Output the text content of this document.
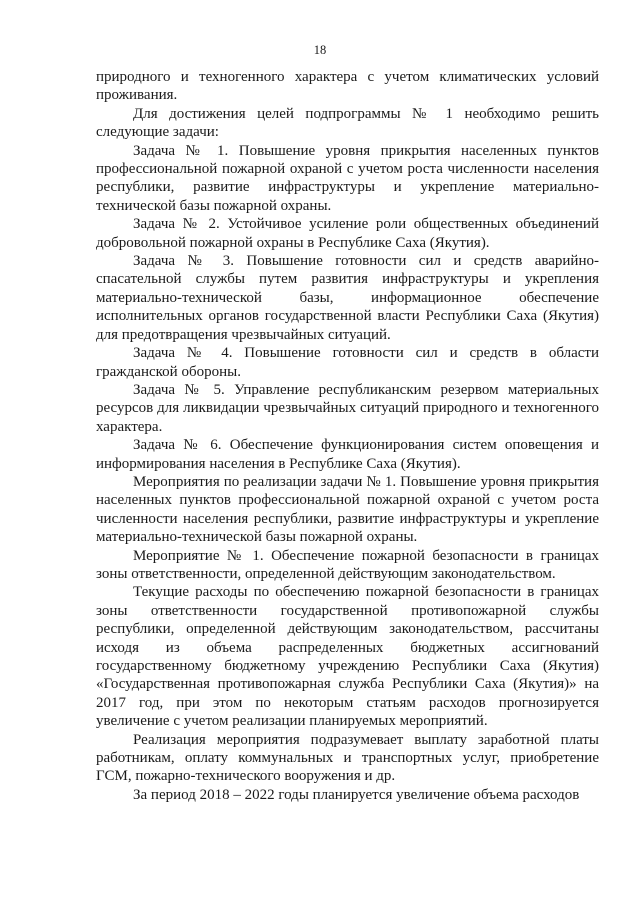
18

природного и техногенного характера с учетом климатических условий проживания.

Для достижения целей подпрограммы № 1 необходимо решить следующие задачи:

Задача № 1. Повышение уровня прикрытия населенных пунктов профессиональной пожарной охраной с учетом роста численности населения республики, развитие инфраструктуры и укрепление материально-технической базы пожарной охраны.

Задача № 2. Устойчивое усиление роли общественных объединений добровольной пожарной охраны в Республике Саха (Якутия).

Задача № 3. Повышение готовности сил и средств аварийно-спасательной службы путем развития инфраструктуры и укрепления материально-технической базы, информационное обеспечение исполнительных органов государственной власти Республики Саха (Якутия) для предотвращения чрезвычайных ситуаций.

Задача № 4. Повышение готовности сил и средств в области гражданской обороны.

Задача № 5. Управление республиканским резервом материальных ресурсов для ликвидации чрезвычайных ситуаций природного и техногенного характера.

Задача № 6. Обеспечение функционирования систем оповещения и информирования населения в Республике Саха (Якутия).

Мероприятия по реализации задачи № 1. Повышение уровня прикрытия населенных пунктов профессиональной пожарной охраной с учетом роста численности населения республики, развитие инфраструктуры и укрепление материально-технической базы пожарной охраны.

Мероприятие № 1. Обеспечение пожарной безопасности в границах зоны ответственности, определенной действующим законодательством.

Текущие расходы по обеспечению пожарной безопасности в границах зоны ответственности государственной противопожарной службы республики, определенной действующим законодательством, рассчитаны исходя из объема распределенных бюджетных ассигнований государственному бюджетному учреждению Республики Саха (Якутия) «Государственная противопожарная служба Республики Саха (Якутия)» на 2017 год, при этом по некоторым статьям расходов прогнозируется увеличение с учетом реализации планируемых мероприятий.

Реализация мероприятия подразумевает выплату заработной платы работникам, оплату коммунальных и транспортных услуг, приобретение ГСМ, пожарно-технического вооружения и др.

За период 2018 – 2022 годы планируется увеличение объема расходов
